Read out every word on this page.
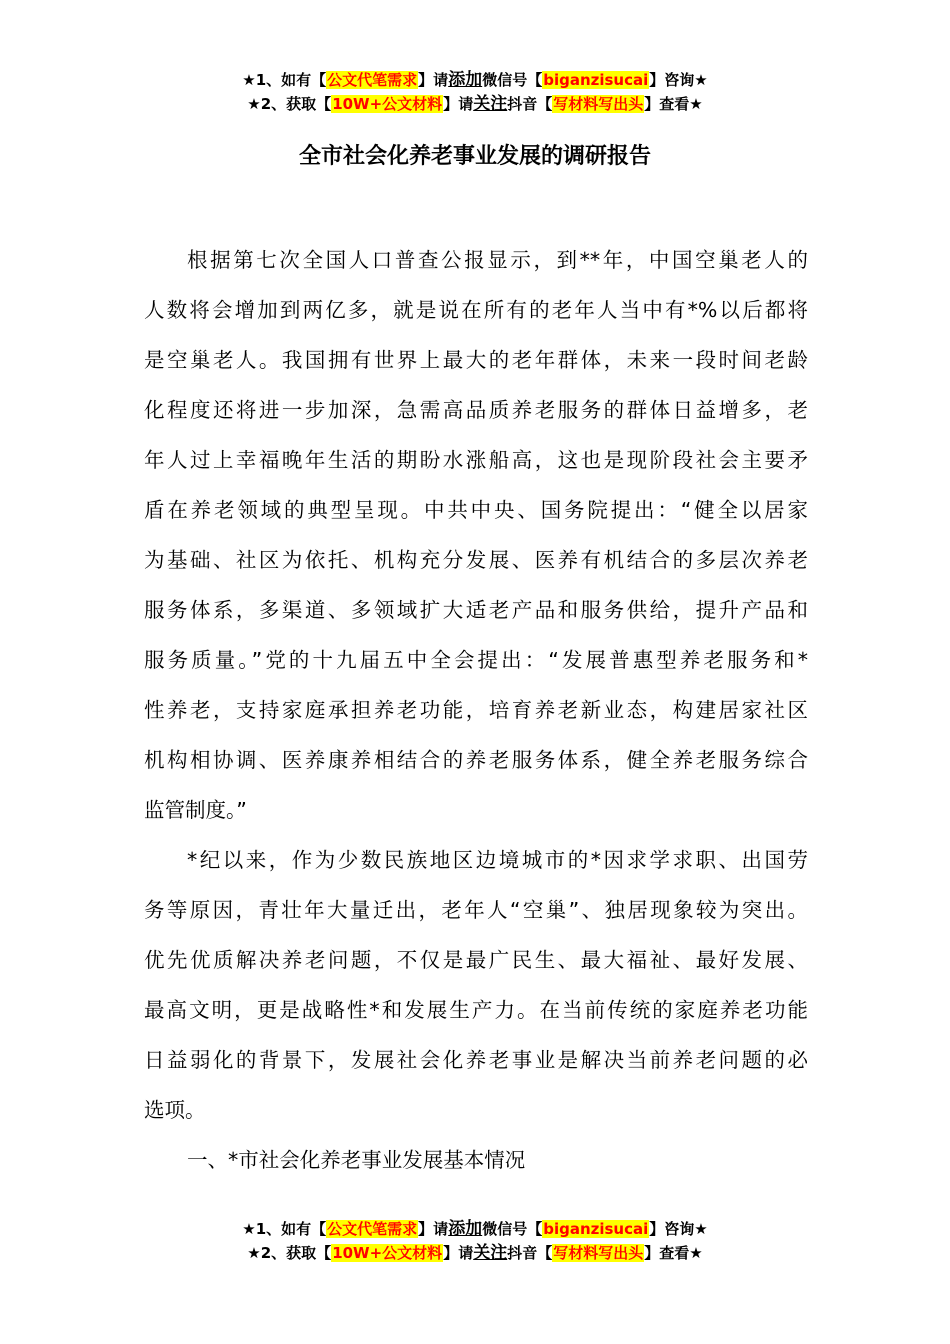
★1、如有【公文代笔需求】请添加微信号【biganzisucai】咨询★
★2、获取【10W+公文材料】请关注抖音【写材料写出头】查看★
全市社会化养老事业发展的调研报告
根据第七次全国人口普查公报显示，到**年，中国空巢老人的
人数将会增加到两亿多，就是说在所有的老年人当中有*%以后都将
是空巢老人。我国拥有世界上最大的老年群体，未来一段时间老龄
化程度还将进一步加深，急需高品质养老服务的群体日益增多，老
年人过上幸福晚年生活的期盼水涨船高，这也是现阶段社会主要矛
盾在养老领域的典型呈现。中共中央、国务院提出：“健全以居家
为基础、社区为依托、机构充分发展、医养有机结合的多层次养老
服务体系，多渠道、多领域扩大适老产品和服务供给，提升产品和
服务质量。”党的十九届五中全会提出：“发展普惠型养老服务和*
性养老，支持家庭承担养老功能，培育养老新业态，构建居家社区
机构相协调、医养康养相结合的养老服务体系，健全养老服务综合
监管制度。”
*纪以来，作为少数民族地区边境城市的*因求学求职、出国劳
务等原因，青壮年大量迁出，老年人“空巢”、独居现象较为突出。
优先优质解决养老问题，不仅是最广民生、最大福祉、最好发展、
最高文明，更是战略性*和发展生产力。在当前传统的家庭养老功能
日益弱化的背景下，发展社会化养老事业是解决当前养老问题的必
选项。
一、*市社会化养老事业发展基本情况
★1、如有【公文代笔需求】请添加微信号【biganzisucai】咨询★
★2、获取【10W+公文材料】请关注抖音【写材料写出头】查看★
